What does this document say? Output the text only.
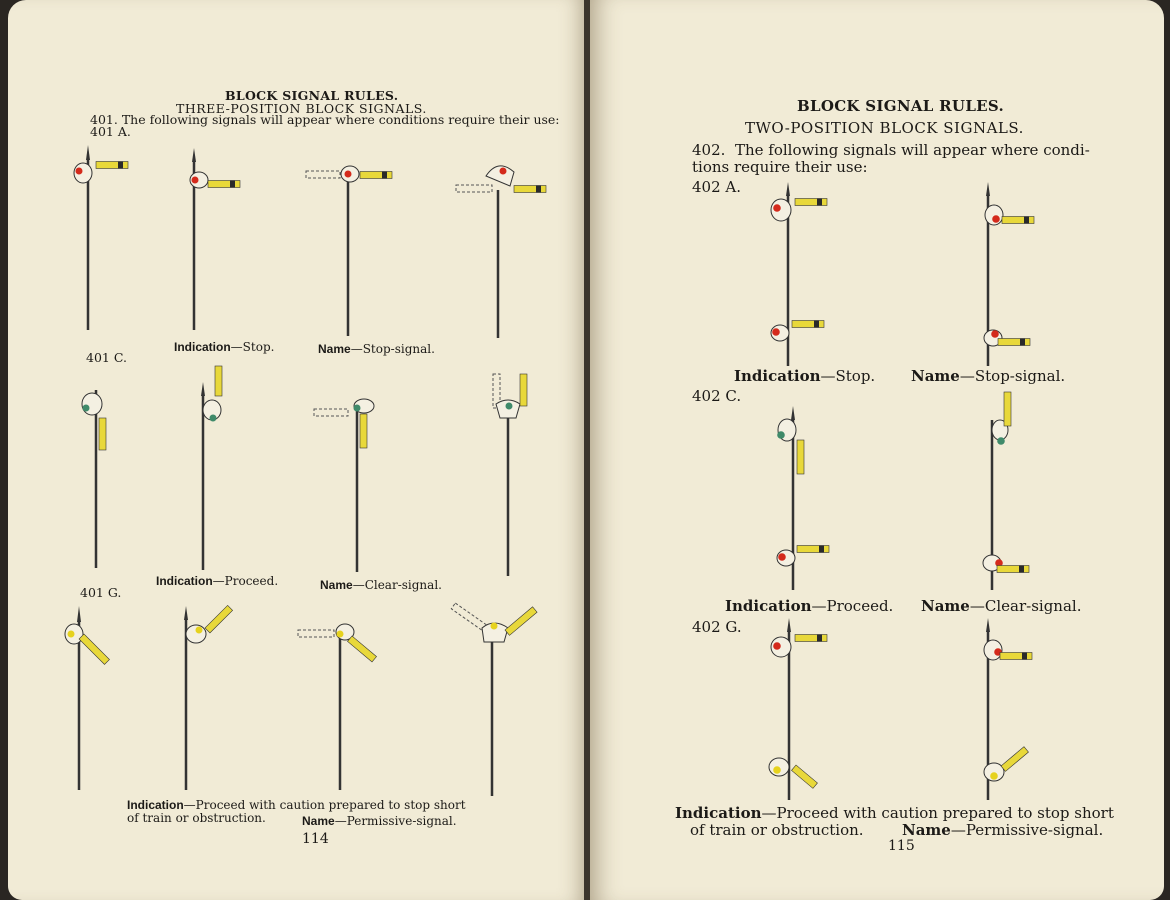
BLOCK SIGNAL RULES.
THREE-POSITION BLOCK SIGNALS.
401. The following signals will appear where conditions require their use:
401 A.
Indication—Stop.	Name—Stop-signal.
401 C.
Indication—Proceed.	Name—Clear-signal.
401 G.
Indication—Proceed with caution prepared to stop short
of train or obstruction.	Name—Permissive-signal.
114
BLOCK SIGNAL RULES.
TWO-POSITION BLOCK SIGNALS.
402. The following signals will appear where condi-
tions require their use:
402 A.
Indication—Stop. Name—Stop-signal.
402 C.
Indication—Proceed. Name—Clear-signal.
402 G.
Indication—Proceed with caution prepared to stop short
of train or obstruction.	Name—Permissive-signal.
115
